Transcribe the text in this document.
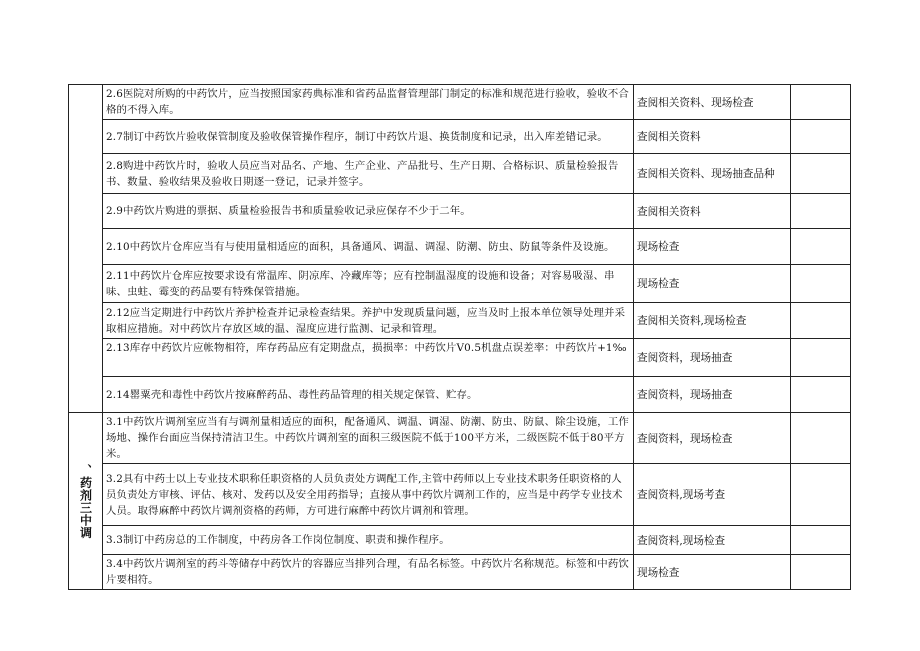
	2.6医院对所购的中药饮片，应当按照国家药典标准和省药品监督管理部门制定的标准和规范进行验收，验收不合格的不得入库。	查阅相关资料、现场检查	
	2.7制订中药饮片验收保管制度及验收保管操作程序，制订中药饮片退、换货制度和记录，出入库差错记录。	查阅相关资料	
	2.8购进中药饮片时，验收人员应当对品名、产地、生产企业、产品批号、生产日期、合格标识、质量检验报告书、数量、验收结果及验收日期逐一登记，记录并签字。	查阅相关资料、现场抽查品种	
	2.9中药饮片购进的票据、质量检验报告书和质量验收记录应保存不少于二年。	查阅相关资料	
	2.10中药饮片仓库应当有与使用量相适应的面积，具备通风、调温、调湿、防潮、防虫、防鼠等条件及设施。	现场检查	
	2.11中药饮片仓库应按要求设有常温库、阴凉库、冷藏库等；应有控制温湿度的设施和设备；对容易吸湿、串味、虫蛀、霉变的药品要有特殊保管措施。	现场检查	
	2.12应当定期进行中药饮片养护检查并记录检查结果。养护中发现质量问题，应当及时上报本单位领导处理并采取相应措施。对中药饮片存放区域的温、湿度应进行监测、记录和管理。	查阅相关资料,现场检查	
	2.13库存中药饮片应帐物相符，库存药品应有定期盘点，损损率：中药饮片V0.5机盘点误差率：中药饮片+1‰	查阅资料，现场抽查	
	2.14罂粟壳和毒性中药饮片按麻醉药品、毒性药品管理的相关规定保管、贮存。	查阅资料，现场抽查	

、药剂三中调	3.1中药饮片调剂室应当有与调剂量相适应的面积，配备通风、调温、调湿、防潮、防虫、防鼠、除尘设施，工作场地、操作台面应当保持清洁卫生。中药饮片调剂室的面积三级医院不低于100平方米，二级医院不低于80平方米。	查阅资料，现场检查	
	3.2具有中药士以上专业技术职称任职资格的人员负责处方调配工作,主管中药师以上专业技术职务任职资格的人员负责处方审核、评估、核对、发药以及安全用药指导；直接从事中药饮片调剂工作的，应当是中药学专业技术人员。取得麻醉中药饮片调剂资格的药师，方可进行麻醉中药饮片调剂和管理。	查阅资料,现场考查	
	3.3制订中药房总的工作制度，中药房各工作岗位制度、职责和操作程序。	查阅资料,现场检查	
	3.4中药饮片调剂室的药斗等储存中药饮片的容器应当排列合理，有品名标签。中药饮片名称规范。标签和中药饮片要相符。	现场检查	
